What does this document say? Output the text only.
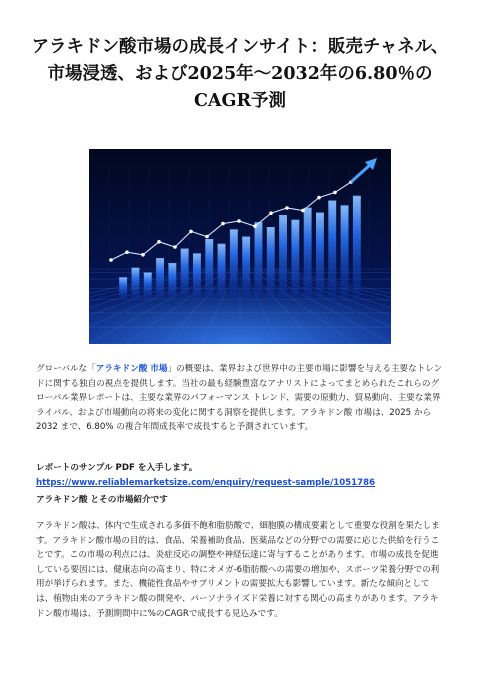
アラキドン酸市場の成長インサイト：販売チャネル、市場浸透、および2025年〜2032年の6.80％のCAGR予測

グローバルな「アラキドン酸 市場」の概要は、業界および世界中の主要市場に影響を与える主要なトレンドに関する独自の視点を提供します。当社の最も経験豊富なアナリストによってまとめられたこれらのグローバル業界レポートは、主要な業界のパフォーマンス トレンド、需要の原動力、貿易動向、主要な業界ライバル、および市場動向の将来の変化に関する洞察を提供します。アラキドン酸 市場は、2025 から 2032 まで、6.80% の複合年間成長率で成長すると予測されています。

レポートのサンプル PDF を入手します。 https://www.reliablemarketsize.com/enquiry/request-sample/1051786

アラキドン酸 とその市場紹介です

アラキドン酸は、体内で生成される多価不飽和脂肪酸で、細胞膜の構成要素として重要な役割を果たします。アラキドン酸市場の目的は、食品、栄養補助食品、医薬品などの分野での需要に応じた供給を行うことです。この市場の利点には、炎症反応の調整や神経伝達に寄与することがあります。市場の成長を促進している要因には、健康志向の高まり、特にオメガ-6脂肪酸への需要の増加や、スポーツ栄養分野での利用が挙げられます。また、機能性食品やサプリメントの需要拡大も影響しています。新たな傾向としては、植物由来のアラキドン酸の開発や、パーソナライズド栄養に対する関心の高まりがあります。アラキドン酸市場は、予測期間中に%のCAGRで成長する見込みです。
